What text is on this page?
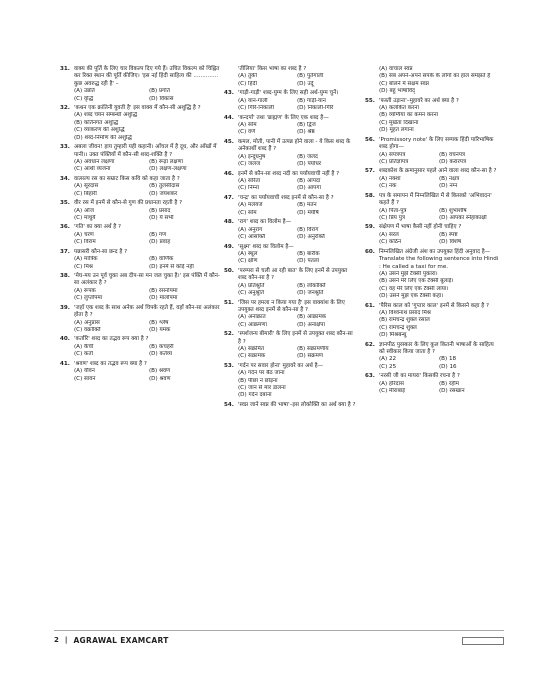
31. वाक्य की पूर्ति के लिए चार विकल्प दिए गये हैं। उचित विकल्प को चिह्नित कर रिक्त स्थान की पूर्ति कीजिए। 'इस नई हिंदी साहित्य की .............. कुछ अवरुद्ध रही है' –
(A) उन्नति	(B) प्रगति
(C) वृद्धि	(D) विकास
32. 'कथन एक क्रांतिनी युवती है' इस वाक्य में कौन-सी अशुद्धि है ?
(A) शब्द चयन सम्बन्धी अशुद्धि
(B) कर्तिनगत अशुद्धि
(C) व्याकरण की अशुद्धि
(D) शब्द-निर्माण की अशुद्धि
33. अबला जीवन! हाय तुम्हारी यही कहानी। आँचल में है दूध, और आँखों में पानी।। उक्त पंक्तियों में कौन-सी शब्द-शक्ति है ?
(A) अवधान लक्षणा	(B) रूढ़ा लक्षणा
(C) आर्थी व्यंजना	(D) लक्षण-लक्षणा
34. वात्सल्य रस का सम्राट किस कवि को कहा जाता है ?
(A) सूरदास	(B) तुलसीदास
(C) बिहारी	(D) जयशंकर
35. वीर रस में इनमें से कौन-से गुण की प्रधानता रहती है ?
(A) ओज	(B) प्रसाद
(C) माधुर्य	(D) ये सभी
36. 'गति' का क्या अर्थ है ?
(A) चरण	(B) गण
(C) विराम	(D) प्रवाह
37. पन्नासरी कौन-सा छन्द है ?
(A) मात्रिक	(B) वार्णिक
(C) मिश्र	(D) इनमें से कोई नहीं
38. 'मेघ-मय उन पूर्व चुका अब दीप-सा मन जल चुका है।' इस पंक्ति में कौन-सा अलंकार है ?
(A) रूपक	(B) रसनोपमा
(C) लुप्तोपमा	(D) मालोपमा
39. 'जहाँ एक शब्द के साथ अनेक अर्थ चिपके रहते हैं, वहाँ कौन-सा अलंकार होता है ?
(A) अनुप्रास	(B) श्लेष
(C) वक्रोक्ति	(D) यमक
40. 'कर्तारि' शब्द का तद्भव रूप क्या है ?
(A) कैंची	(B) कचहरी
(C) कर्ता	(D) कर्तव्य
41. 'श्रवण' शब्द का तद्भव रूप क्या है ?
(A) यौवन	(B) श्रवण
(C) सावन	(D) श्रवण
'तीलिया' किस भाषा का शब्द है ?
(A) तुर्की	(B) पुर्तगाली
(C) हिंदी	(D) उर्दू
43. 'गाड़ी-गाड़ी' शब्द-युग्म के लिए सही अर्थ-युग्म चुनें।
(A) यान-गाली	(B) गाड़ी-यान
(C) गिरि-निकाली	(D) निकाली-गिरि
44. 'कन्दर्पा' तथा 'ब्राह्मण' के लिए एक शब्द है—
(A) सोम	(B) द्विज
(C) वर्ण	(D) श्रेष्ठ
45. कमल, मोती, पानी में उत्पन्न होने वाला - ये किस शब्द के अनेकार्थी शब्द हैं ?
(A) इन्दुधनुष	(B) जलद
(C) जलज	(D) पयोधर
46. इनमें से कौन-सा शब्द नदी का पर्यायवाची नहीं है ?
(A) सरिता	(B) आपदा
(C) निम्ना	(D) आपगा
47. 'चन्द्र' का पर्यायवाची शब्द इनमें से कौन-सा है ?
(A) मलयज	(B) मतन
(C) सोम	(D) मयेषि
48. 'राग' शब्द का विलोम है—
(A) अनुराग	(B) विराग
(C) आसक्ति	(D) अनुरक्ति
49. 'सूक्ष्म' शब्द का विलोम है—
(A) स्थूल	(B) बारीक
(C) क्षीण	(D) पतला
50. 'परम्परा से चली आ रही बात' के लिए इनमें से उपयुक्त शब्द कौन-सा है ?
(A) प्रतिश्रुति	(B) लोकोक्ति
(C) अनुश्रुति	(D) जनश्रुति
51. 'जिस पर हमला न किया गया है' इस वाक्यांश के लिए उपयुक्त शब्द इनमें से कौन-सा है ?
(A) अनाक्रांत	(B) आक्रामक
(C) आक्रमणा	(D) अनाक्षेपा
52. 'स्पर्शजन्य बीमारी' के लिए इनमें से उपयुक्त शब्द कौन-सा है ?
(A) संक्रमित	(B) संक्रामणीय
(C) संक्रामक	(D) संक्रमण
53. 'गर्दन पर सवार होना' मुहावरे का अर्थ है—
(A) गर्दन पर बैठ जाना
(B) पीछा न छोड़ना
(C) जान से मार डालना
(D) गर्दन दबाना
54. 'स्वप्न जाने स्वप्न की भाषा'–इस लोकोक्ति का अर्थ क्या है ?
(A) वाचाल स्वप्न
(B) सब अपने-अपने सपर्क के लोगों का हाल समझते हैं
(C) बोलने में सक्षम स्वप्न
(D) बहु भाषाविद्
55. 'फब्ती उड़ाना'–मुहावरे का अर्थ क्या है ?
(A) कलंकित करना
(B) व्यंग्यिया का कमन करना
(C) मूर्खता दिखाना
(D) मूहत लगाना
56. 'Promissory note' के लिए सम्यक हिंदी पारिभाषिक शब्द होगा—
(A) सपत्रपत्र	(B) वचनपत्र
(C) प्रतिज्ञापत्र	(D) करारपत्र
57. शब्दकोश के क्रमानुसार पहले आने वाला शब्द कौन-सा है ?
(A) नक्शा	(B) नक्षत्र
(C) नक	(D) नग्न
58. पत्र के समापन में निम्नलिखित में से किसको 'अभिवादन' कहते हैं ?
(A) पिता-पुत्र	(B) शुभाशीष
(C) प्रिय पुत्र	(D) आपका स्नेहाकांक्षी
59. संक्षेपण में भाषा कैसी नहीं होनी चाहिए ?
(A) सरल	(B) स्पष्ट
(C) कठिन	(D) विशेष
60. निम्नलिखित अंग्रेजी अंश का उपयुक्त हिंदी अनुवाद है— Translate the following sentence into Hindi : He called a taxi for me.
(A) उसने मुझे टैक्सी पुकारा।
(B) उसने मेरे लिए एक टैक्सी बुलाई।
(C) वह मेरे लिए एक टैक्सी लाया।
(D) उसने मुझे एक टैक्सी कहा।
61. 'पैरिस काल को 'गुप्तार काल' इनमें से किसने कहा है ?
(A) विश्वनाथ प्रसाद मिश्र
(B) रामचन्द्र शुक्ल रसाल
(C) रामचन्द्र शुक्ल
(D) मिश्रबन्धु
62. ज्ञानपीठ पुरस्कार के लिए कुल कितनी भाषाओं के साहित्य को स्वीकार किया जाता है ?
(A) 22	(B) 18
(C) 25	(D) 16
63. 'नरसी जी का मायरा' किसकी रचना है ?
(A) हरिदास	(B) रहीम
(C) मीराबाई	(D) रसखान
2 | AGRAWAL EXAMCART
